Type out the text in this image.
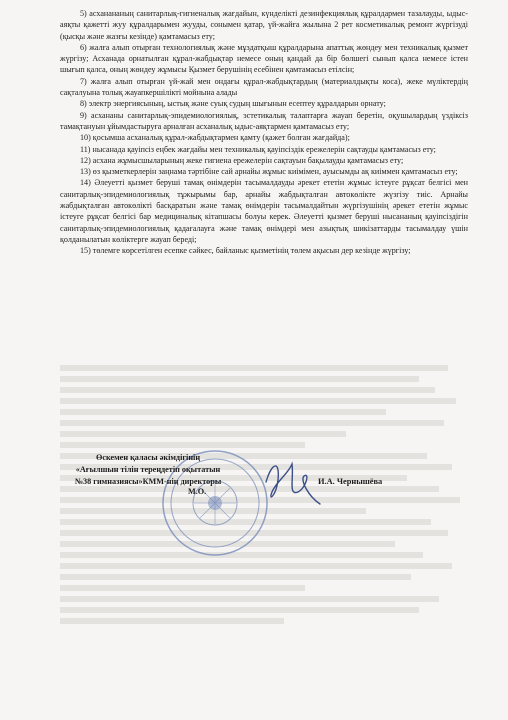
5) асханананың санитарлық-гигиеналық жағдайын, күнделікті дезинфекциялық құралдармен тазалауды, ыдыс-аяқты қажетті жуу құралдарымен жууды, сонымен қатар, үй-жайға жылына 2 рет косметикалық ремонт жүргізуді (қысқы және жазғы кезінде) қамтамасыз ету;

6) жалға алып отырған технологиялық және мұздатқыш құралдарына апаттық жөндеу мен техникалық қызмет жүргізу; Асханада орнатылған құрал-жабдықтар немесе оның қандай да бір бөлшегі сынып қалса немесе істен шығып қалса, оның жөндеу жұмысы Қызмет берушінің есебінен қамтамасыз етілсін;

7) жалға алып отырған үй-жай мен ондағы құрал-жабдықтардың (материалдықты коса), жеке мүліктердің сақталуына толық жауапкершілікті мойнына алады

8) электр энергиясының, ыстық және суық судың шығынын есептеу құралдарын орнату;

9) асхананы санитарлық-эпидемиологиялық, эстетикалық талаптарға жауап беретін, оқушылардың үздіксіз тамақтануын ұйымдастыруға арналған асханалық ыдыс-аяқтармен қамтамасыз ету;

10) қосымша асханалық құрал-жабдықтармен қамту (қажет болған жағдайда);

11) нысанада қауіпсіз еңбек жағдайы мен техникалық қауіпсіздік ережелерін сақтауды қамтамасыз ету;

12) асхана жұмысшыларының жеке гигиена ережелерін сақтауын бақылауды қамтамасыз ету;

13) өз қызметкерлерін заңнама тәртібіне сай арнайы жұмыс киімімен, ауысымды ақ киіммен қамтамасыз ету;

14) Әлеуетті қызмет беруші тамақ өнімдерін тасымалдауды әрекет ететін жұмыс істеуге рұқсат белгісі мен санитарлық-эпидемиологиялық тұжырымы бар, арнайы жабдықталған автокөлікте жүзгізу тиіс. Арнайы жабдықталған автокөлікті басқаратын және тамақ өнімдерін тасымалдайтын жүргізушінің әрекет ететін жұмыс істеуге рұқсат белгісі бар медициналық кітапшасы болуы керек. Әлеуетті қызмет беруші нысананың қауіпсіздігін санитарлық-эпидемиологиялық қадағалауға және тамақ өнімдері мен азықтық шикізаттарды тасымалдау үшін қолданылатын көліктерге жауап береді;

15) төлемге көрсетілген есепке сәйкес, байланыс қызметінің төлем ақысын дер кезінде жүргізу;

Өскемен қаласы әкімдігінің
«Ағылшын тілін тереңдетіп оқытатын
№38 гимназиясы»КММ-нің директоры
М.О.
И.А. Чернышёва
